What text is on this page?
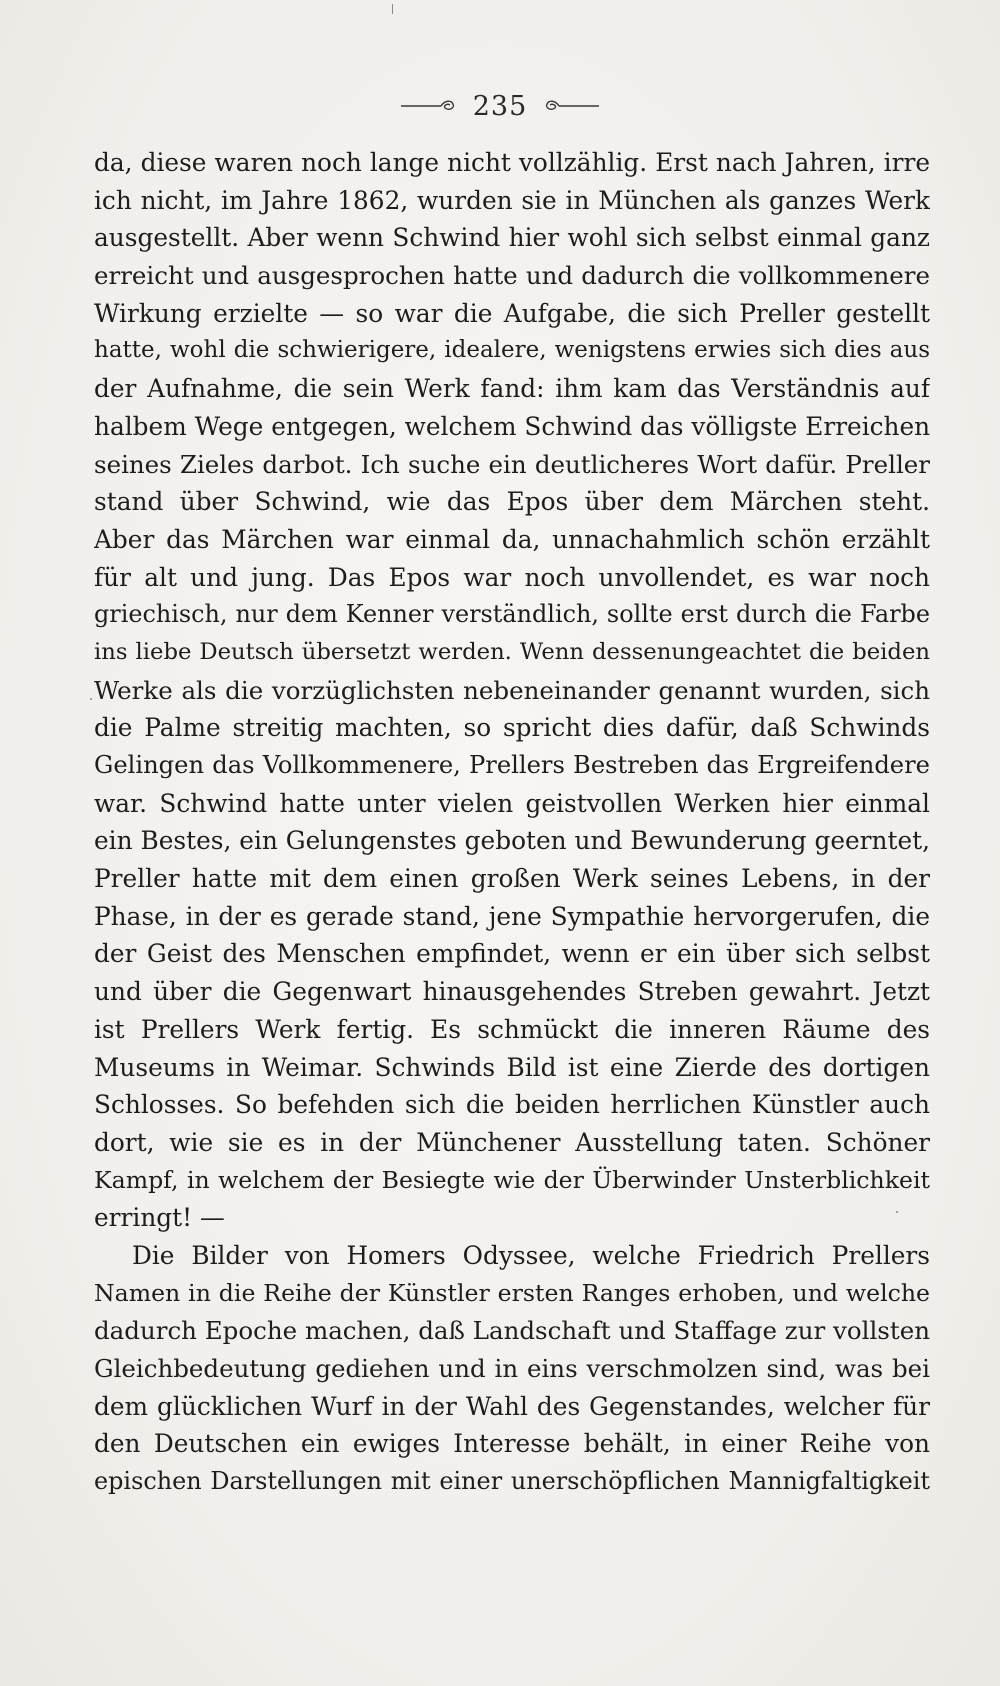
235
da, diese waren noch lange nicht vollzählig. Erst nach Jahren, irre
ich nicht, im Jahre 1862, wurden sie in München als ganzes Werk
ausgestellt. Aber wenn Schwind hier wohl sich selbst einmal ganz
erreicht und ausgesprochen hatte und dadurch die vollkommenere
Wirkung erzielte — so war die Aufgabe, die sich Preller gestellt
hatte, wohl die schwierigere, idealere, wenigstens erwies sich dies aus
der Aufnahme, die sein Werk fand: ihm kam das Verständnis auf
halbem Wege entgegen, welchem Schwind das völligste Erreichen
seines Zieles darbot. Ich suche ein deutlicheres Wort dafür. Preller
stand über Schwind, wie das Epos über dem Märchen steht.
Aber das Märchen war einmal da, unnachahmlich schön erzählt
für alt und jung. Das Epos war noch unvollendet, es war noch
griechisch, nur dem Kenner verständlich, sollte erst durch die Farbe
ins liebe Deutsch übersetzt werden. Wenn dessenungeachtet die beiden
Werke als die vorzüglichsten nebeneinander genannt wurden, sich
die Palme streitig machten, so spricht dies dafür, daß Schwinds
Gelingen das Vollkommenere, Prellers Bestreben das Ergreifendere
war. Schwind hatte unter vielen geistvollen Werken hier einmal
ein Bestes, ein Gelungenstes geboten und Bewunderung geerntet,
Preller hatte mit dem einen großen Werk seines Lebens, in der
Phase, in der es gerade stand, jene Sympathie hervorgerufen, die
der Geist des Menschen empfindet, wenn er ein über sich selbst
und über die Gegenwart hinausgehendes Streben gewahrt. Jetzt
ist Prellers Werk fertig. Es schmückt die inneren Räume des
Museums in Weimar. Schwinds Bild ist eine Zierde des dortigen
Schlosses. So befehden sich die beiden herrlichen Künstler auch
dort, wie sie es in der Münchener Ausstellung taten. Schöner
Kampf, in welchem der Besiegte wie der Überwinder Unsterblichkeit
erringt! —
Die Bilder von Homers Odyssee, welche Friedrich Prellers
Namen in die Reihe der Künstler ersten Ranges erhoben, und welche
dadurch Epoche machen, daß Landschaft und Staffage zur vollsten
Gleichbedeutung gediehen und in eins verschmolzen sind, was bei
dem glücklichen Wurf in der Wahl des Gegenstandes, welcher für
den Deutschen ein ewiges Interesse behält, in einer Reihe von
epischen Darstellungen mit einer unerschöpflichen Mannigfaltigkeit
